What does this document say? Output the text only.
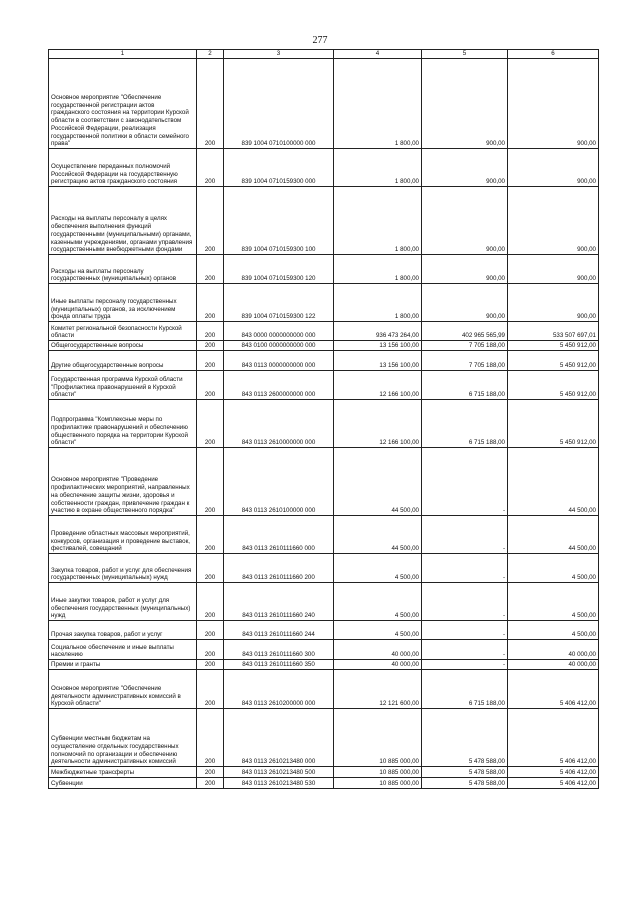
277
1	2	3	4	5	6
Основное мероприятие "Обеспечение государственной регистрации актов гражданского состояния на территории Курской области в соответствии с законодательством Российской Федерации, реализация государственной политики в области семейного права"	200	839 1004 0710100000 000	1 800,00	900,00	900,00
Осуществление переданных полномочий Российской Федерации на государственную регистрацию актов гражданского состояния	200	839 1004 0710159300 000	1 800,00	900,00	900,00
Расходы на выплаты персоналу в целях обеспечения выполнения функций государственными (муниципальными) органами, казенными учреждениями, органами управления государственными внебюджетными фондами	200	839 1004 0710159300 100	1 800,00	900,00	900,00
Расходы на выплаты персоналу государственных (муниципальных) органов	200	839 1004 0710159300 120	1 800,00	900,00	900,00
Иные выплаты персоналу государственных (муниципальных) органов, за исключением фонда оплаты труда	200	839 1004 0710159300 122	1 800,00	900,00	900,00
Комитет региональной безопасности Курской области	200	843 0000 0000000000 000	936 473 264,00	402 965 565,99	533 507 697,01
Общегосударственные вопросы	200	843 0100 0000000000 000	13 156 100,00	7 705 188,00	5 450 912,00
Другие общегосударственные вопросы	200	843 0113 0000000000 000	13 156 100,00	7 705 188,00	5 450 912,00
Государственная программа Курской области "Профилактика правонарушений в Курской области"	200	843 0113 2600000000 000	12 166 100,00	6 715 188,00	5 450 912,00
Подпрограмма "Комплексные меры по профилактике правонарушений и обеспечению общественного порядка на территории Курской области"	200	843 0113 2610000000 000	12 166 100,00	6 715 188,00	5 450 912,00
Основное мероприятие "Проведение профилактических мероприятий, направленных на обеспечение защиты жизни, здоровья и собственности граждан, привлечение граждан к участию в охране общественного порядка"	200	843 0113 2610100000 000	44 500,00	-	44 500,00
Проведение областных массовых мероприятий, конкурсов, организация и проведение выставок, фестивалей, совещаний	200	843 0113 2610111660 000	44 500,00	-	44 500,00
Закупка товаров, работ и услуг для обеспечения государственных (муниципальных) нужд	200	843 0113 2610111660 200	4 500,00	-	4 500,00
Иные закупки товаров, работ и услуг для обеспечения государственных (муниципальных) нужд	200	843 0113 2610111660 240	4 500,00	-	4 500,00
Прочая закупка товаров, работ и услуг	200	843 0113 2610111660 244	4 500,00	-	4 500,00
Социальное обеспечение и иные выплаты населению	200	843 0113 2610111660 300	40 000,00	-	40 000,00
Премии и гранты	200	843 0113 2610111660 350	40 000,00	-	40 000,00
Основное мероприятие "Обеспечение деятельности административных комиссий в Курской области"	200	843 0113 2610200000 000	12 121 600,00	6 715 188,00	5 406 412,00
Субвенции местным бюджетам на осуществление отдельных государственных полномочий по организации и обеспечению деятельности административных комиссий	200	843 0113 2610213480 000	10 885 000,00	5 478 588,00	5 406 412,00
Межбюджетные трансферты	200	843 0113 2610213480 500	10 885 000,00	5 478 588,00	5 406 412,00
Субвенции	200	843 0113 2610213480 530	10 885 000,00	5 478 588,00	5 406 412,00
